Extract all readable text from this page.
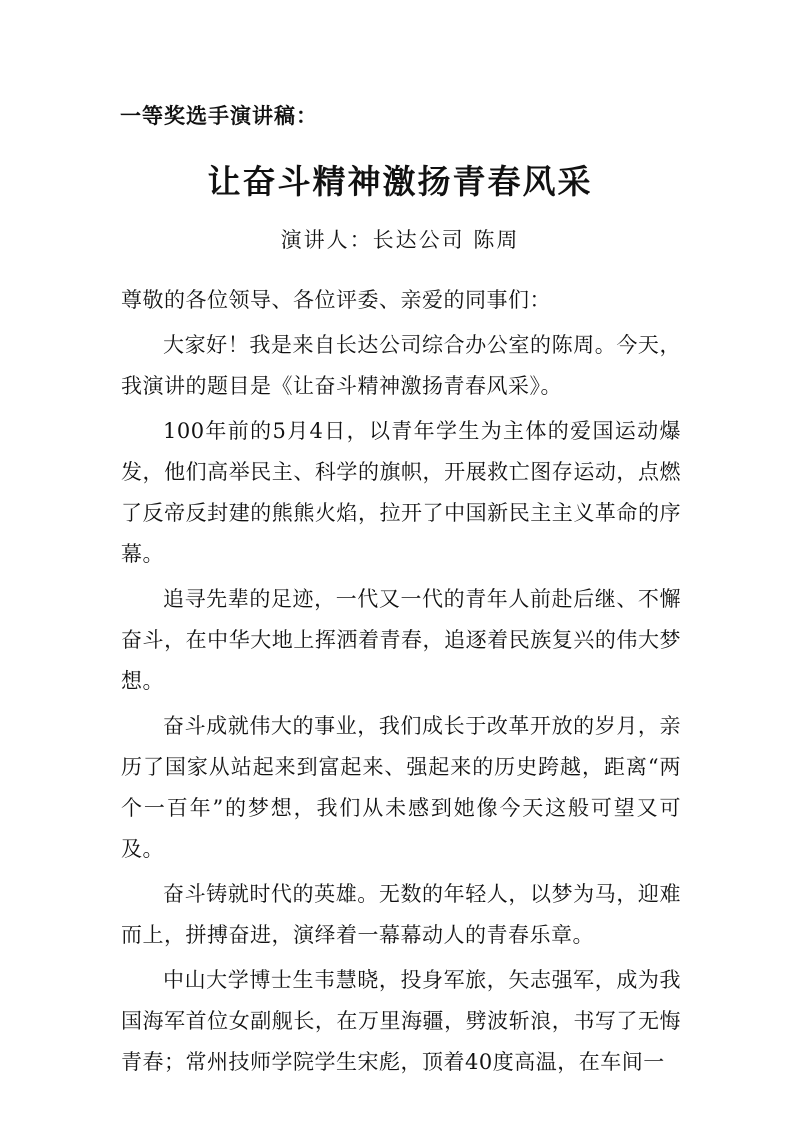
一等奖选手演讲稿：
让奋斗精神激扬青春风采
演讲人：长达公司 陈周

尊敬的各位领导、各位评委、亲爱的同事们：

大家好！我是来自长达公司综合办公室的陈周。今天，我演讲的题目是《让奋斗精神激扬青春风采》。

100年前的5月4日，以青年学生为主体的爱国运动爆发，他们高举民主、科学的旗帜，开展救亡图存运动，点燃了反帝反封建的熊熊火焰，拉开了中国新民主主义革命的序幕。

追寻先辈的足迹，一代又一代的青年人前赴后继、不懈奋斗，在中华大地上挥洒着青春，追逐着民族复兴的伟大梦想。

奋斗成就伟大的事业，我们成长于改革开放的岁月，亲历了国家从站起来到富起来、强起来的历史跨越，距离“两个一百年”的梦想，我们从未感到她像今天这般可望又可及。

奋斗铸就时代的英雄。无数的年轻人，以梦为马，迎难而上，拼搏奋进，演绎着一幕幕动人的青春乐章。

中山大学博士生韦慧晓，投身军旅，矢志强军，成为我国海军首位女副舰长，在万里海疆，劈波斩浪，书写了无悔青春；常州技师学院学生宋彪，顶着40度高温，在车间一
